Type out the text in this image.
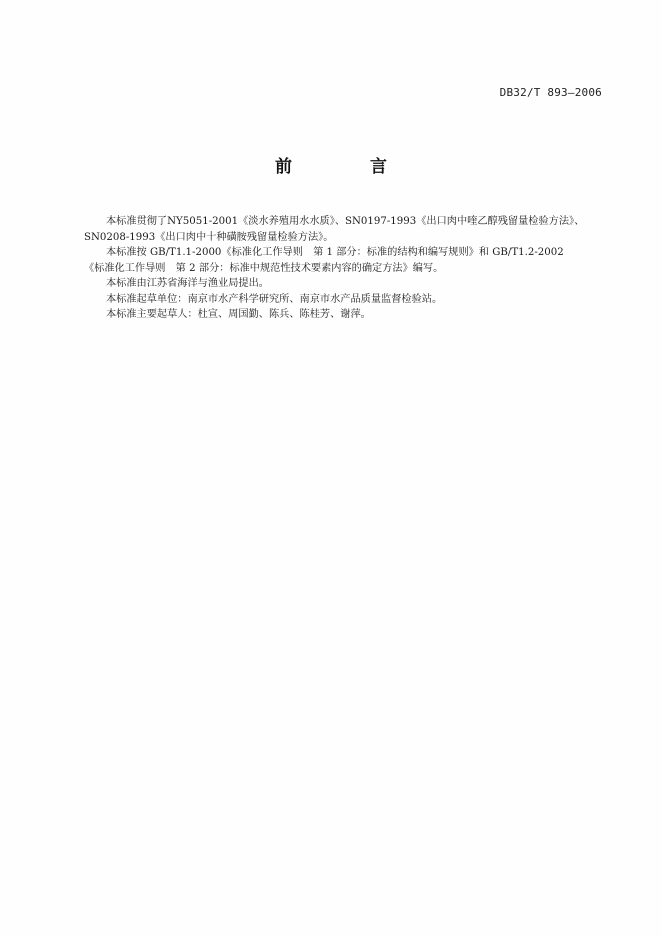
DB32/T 893—2006
前 言

本标准贯彻了NY5051-2001《淡水养殖用水水质》、SN0197-1993《出口肉中喹乙醇残留量检验方法》、

SN0208-1993《出口肉中十种磺胺残留量检验方法》。

本标准按 GB/T1.1-2000《标准化工作导则　第 1 部分：标准的结构和编写规则》和 GB/T1.2-2002

《标准化工作导则　第 2 部分：标准中规范性技术要素内容的确定方法》编写。

本标准由江苏省海洋与渔业局提出。

本标准起草单位：南京市水产科学研究所、南京市水产品质量监督检验站。

本标准主要起草人：杜宣、周国勤、陈兵、陈桂芳、谢萍。
